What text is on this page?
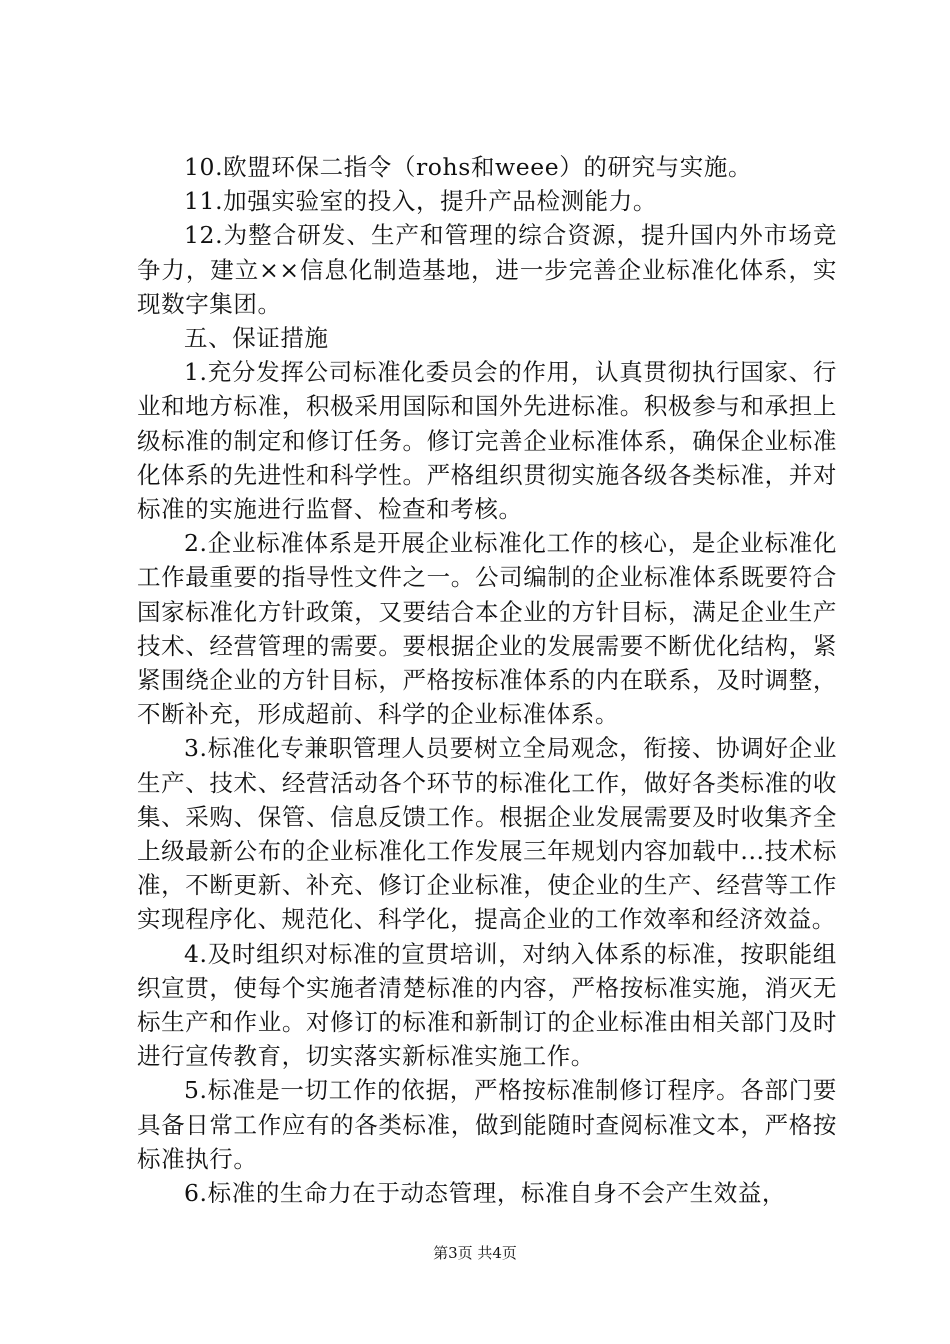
10.欧盟环保二指令（rohs和weee）的研究与实施。

11.加强实验室的投入，提升产品检测能力。

12.为整合研发、生产和管理的综合资源，提升国内外市场竞争力，建立××信息化制造基地，进一步完善企业标准化体系，实现数字集团。

五、保证措施

1.充分发挥公司标准化委员会的作用，认真贯彻执行国家、行业和地方标准，积极采用国际和国外先进标准。积极参与和承担上级标准的制定和修订任务。修订完善企业标准体系，确保企业标准化体系的先进性和科学性。严格组织贯彻实施各级各类标准，并对标准的实施进行监督、检查和考核。

2.企业标准体系是开展企业标准化工作的核心，是企业标准化工作最重要的指导性文件之一。公司编制的企业标准体系既要符合国家标准化方针政策，又要结合本企业的方针目标，满足企业生产技术、经营管理的需要。要根据企业的发展需要不断优化结构，紧紧围绕企业的方针目标，严格按标准体系的内在联系，及时调整，不断补充，形成超前、科学的企业标准体系。

3.标准化专兼职管理人员要树立全局观念，衔接、协调好企业生产、技术、经营活动各个环节的标准化工作，做好各类标准的收集、采购、保管、信息反馈工作。根据企业发展需要及时收集齐全上级最新公布的企业标准化工作发展三年规划内容加载中...技术标准，不断更新、补充、修订企业标准，使企业的生产、经营等工作实现程序化、规范化、科学化，提高企业的工作效率和经济效益。

4.及时组织对标准的宣贯培训，对纳入体系的标准，按职能组织宣贯，使每个实施者清楚标准的内容，严格按标准实施，消灭无标生产和作业。对修订的标准和新制订的企业标准由相关部门及时进行宣传教育，切实落实新标准实施工作。

5.标准是一切工作的依据，严格按标准制修订程序。各部门要具备日常工作应有的各类标准，做到能随时查阅标准文本，严格按标准执行。

6.标准的生命力在于动态管理，标准自身不会产生效益，

第3页 共4页
